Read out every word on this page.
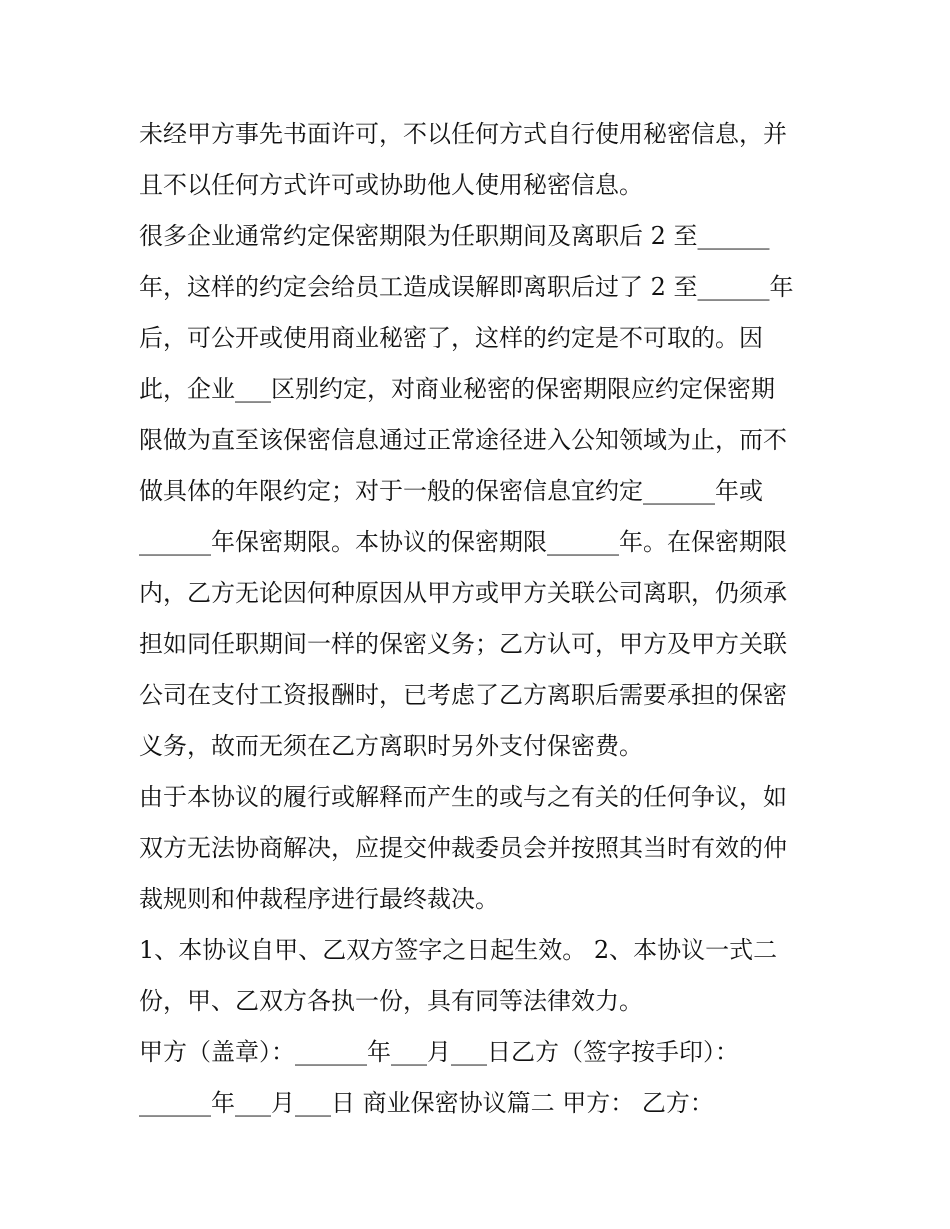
未经甲方事先书面许可，不以任何方式自行使用秘密信息，并
且不以任何方式许可或协助他人使用秘密信息。
很多企业通常约定保密期限为任职期间及离职后 2 至______
年，这样的约定会给员工造成误解即离职后过了 2 至______年
后，可公开或使用商业秘密了，这样的约定是不可取的。因
此，企业___区别约定，对商业秘密的保密期限应约定保密期
限做为直至该保密信息通过正常途径进入公知领域为止，而不
做具体的年限约定；对于一般的保密信息宜约定______年或
______年保密期限。本协议的保密期限______年。在保密期限
内，乙方无论因何种原因从甲方或甲方关联公司离职，仍须承
担如同任职期间一样的保密义务；乙方认可，甲方及甲方关联
公司在支付工资报酬时，已考虑了乙方离职后需要承担的保密
义务，故而无须在乙方离职时另外支付保密费。
由于本协议的履行或解释而产生的或与之有关的任何争议，如
双方无法协商解决，应提交仲裁委员会并按照其当时有效的仲
裁规则和仲裁程序进行最终裁决。
1、本协议自甲、乙双方签字之日起生效。 2、本协议一式二
份，甲、乙双方各执一份，具有同等法律效力。
甲方（盖章）：______年___月___日乙方（签字按手印）：
______年___月___日 商业保密协议篇二 甲方： 乙方：
